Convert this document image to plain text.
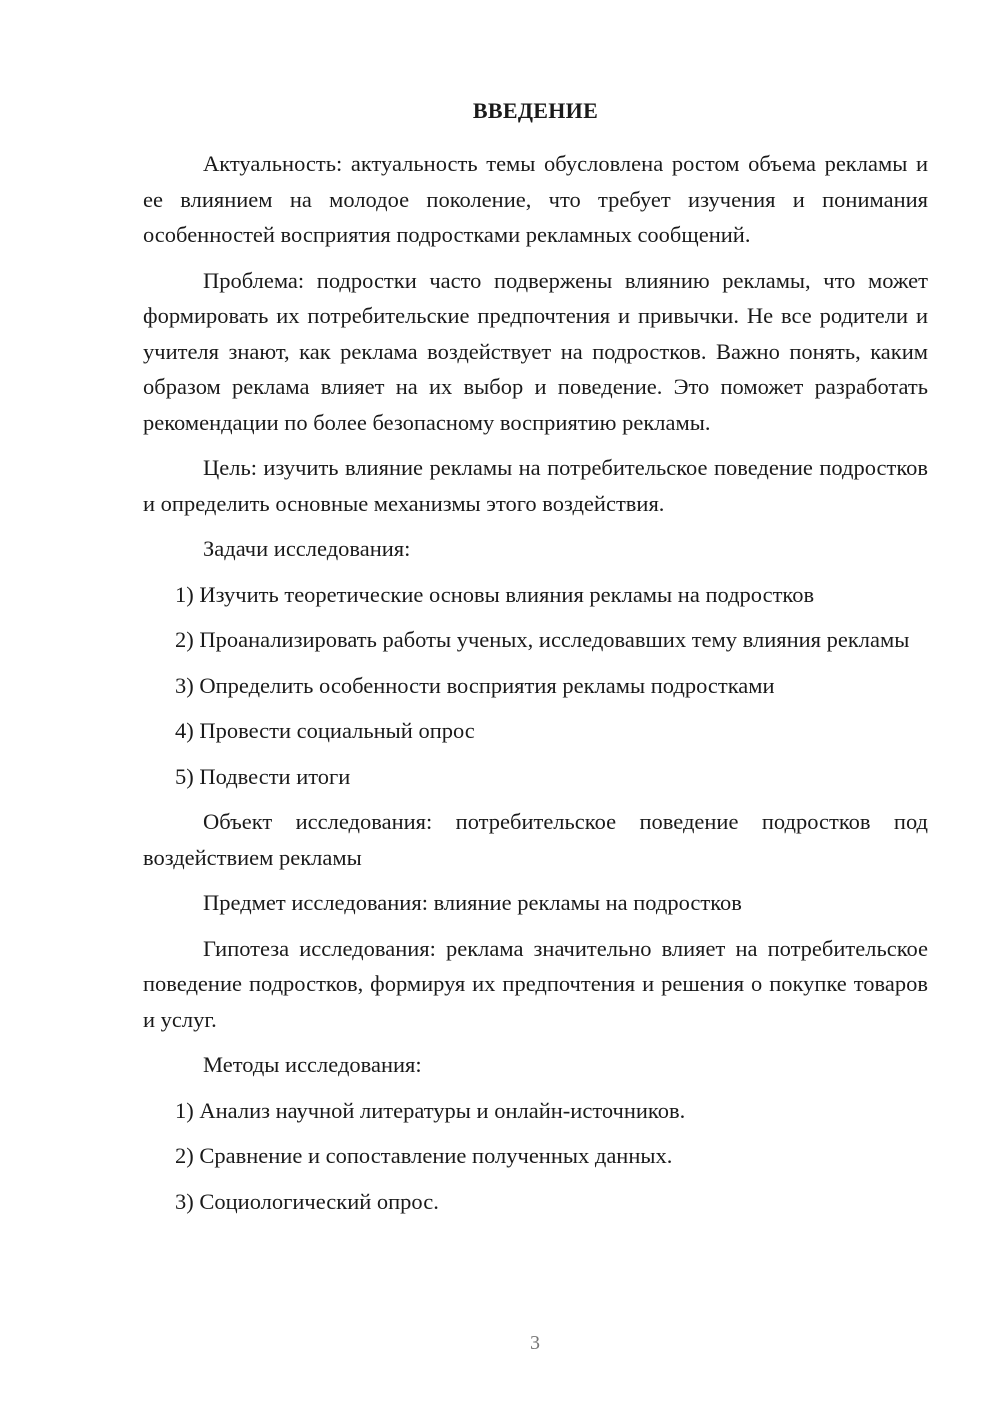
ВВЕДЕНИЕ
Актуальность: актуальность темы обусловлена ростом объема рекламы и ее влиянием на молодое поколение, что требует изучения и понимания особенностей восприятия подростками рекламных сообщений.
Проблема: подростки часто подвержены влиянию рекламы, что может формировать их потребительские предпочтения и привычки. Не все родители и учителя знают, как реклама воздействует на подростков. Важно понять, каким образом реклама влияет на их выбор и поведение. Это поможет разработать рекомендации по более безопасному восприятию рекламы.
Цель: изучить влияние рекламы на потребительское поведение подростков и определить основные механизмы этого воздействия.
Задачи исследования:
1) Изучить теоретические основы влияния рекламы на подростков
2) Проанализировать работы ученых, исследовавших тему влияния рекламы
3) Определить особенности восприятия рекламы подростками
4) Провести социальный опрос
5) Подвести итоги
Объект исследования: потребительское поведение подростков под воздействием рекламы
Предмет исследования: влияние рекламы на подростков
Гипотеза исследования: реклама значительно влияет на потребительское поведение подростков, формируя их предпочтения и решения о покупке товаров и услуг.
Методы исследования:
1) Анализ научной литературы и онлайн-источников.
2) Сравнение и сопоставление полученных данных.
3) Социологический опрос.
3
